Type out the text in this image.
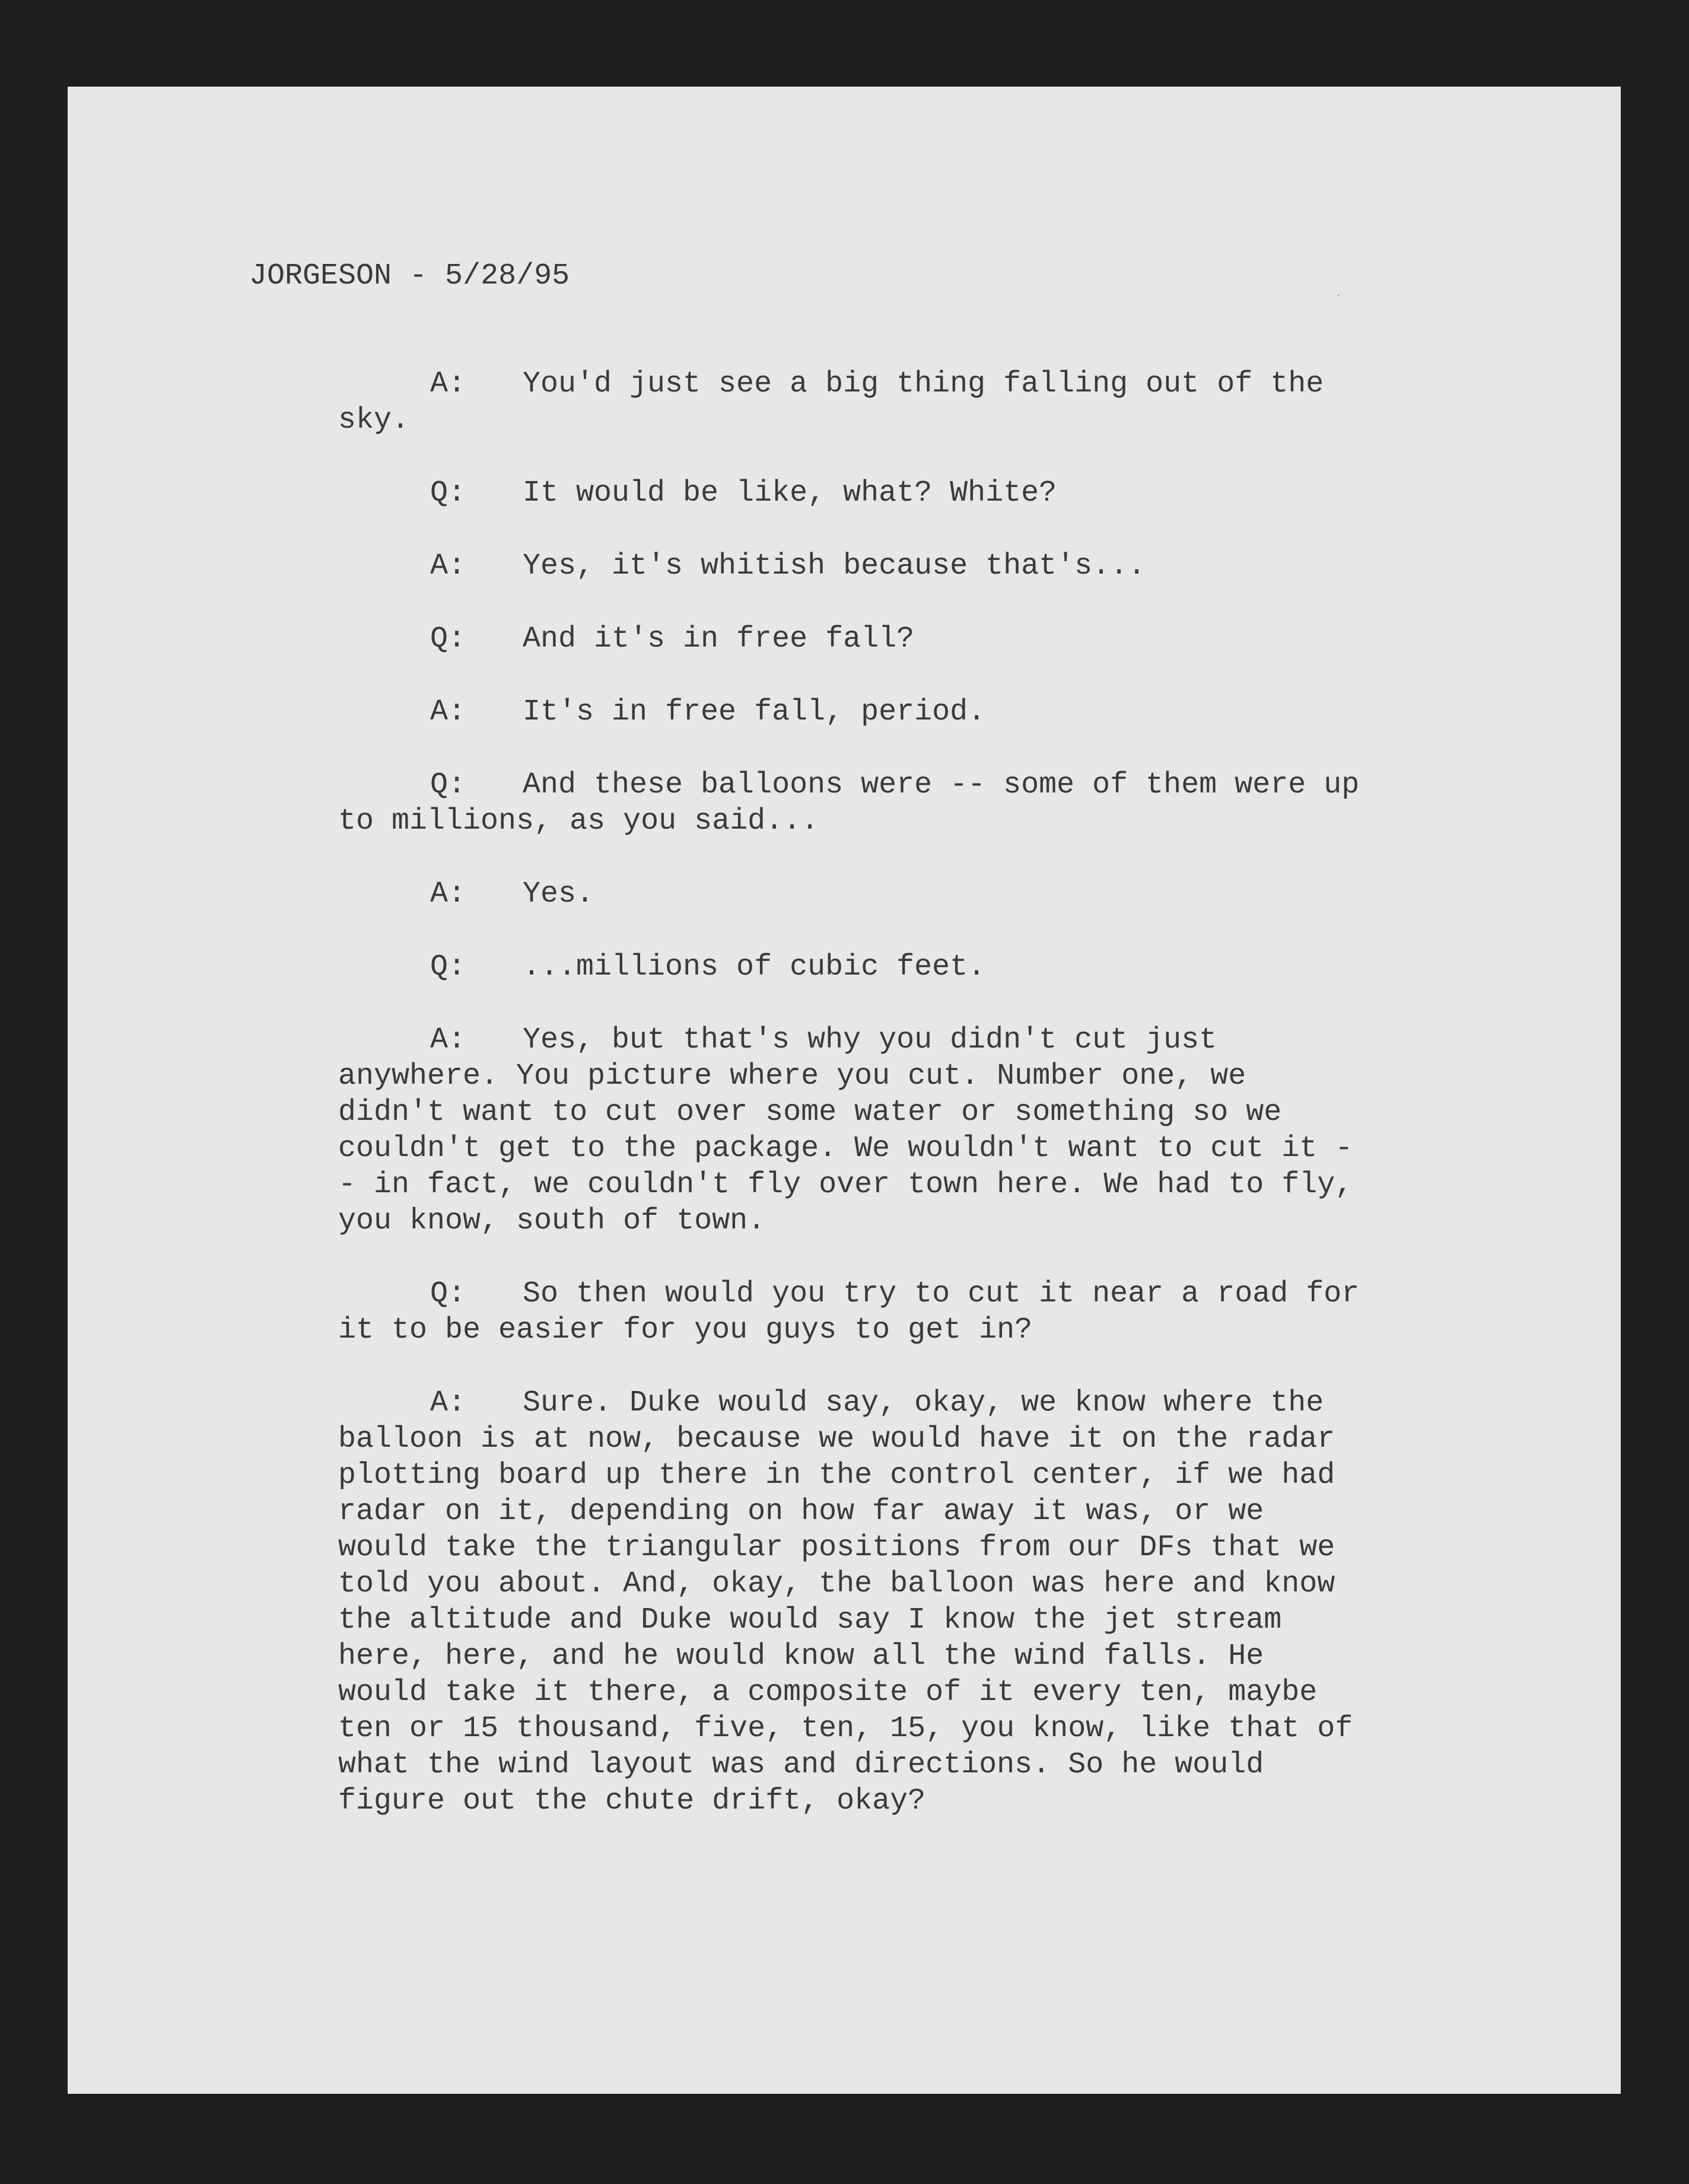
JORGESON - 5/28/95

A: You'd just see a big thing falling out of the sky.

Q: It would be like, what? White?

A: Yes, it's whitish because that's...

Q: And it's in free fall?

A: It's in free fall, period.

Q: And these balloons were -- some of them were up to millions, as you said...

A: Yes.

Q: ...millions of cubic feet.

A: Yes, but that's why you didn't cut just anywhere. You picture where you cut. Number one, we didn't want to cut over some water or something so we couldn't get to the package. We wouldn't want to cut it -- in fact, we couldn't fly over town here. We had to fly, you know, south of town.

Q: So then would you try to cut it near a road for it to be easier for you guys to get in?

A: Sure. Duke would say, okay, we know where the balloon is at now, because we would have it on the radar plotting board up there in the control center, if we had radar on it, depending on how far away it was, or we would take the triangular positions from our DFs that we told you about. And, okay, the balloon was here and know the altitude and Duke would say I know the jet stream here, here, and he would know all the wind falls. He would take it there, a composite of it every ten, maybe ten or 15 thousand, five, ten, 15, you know, like that of what the wind layout was and directions. So he would figure out the chute drift, okay?
